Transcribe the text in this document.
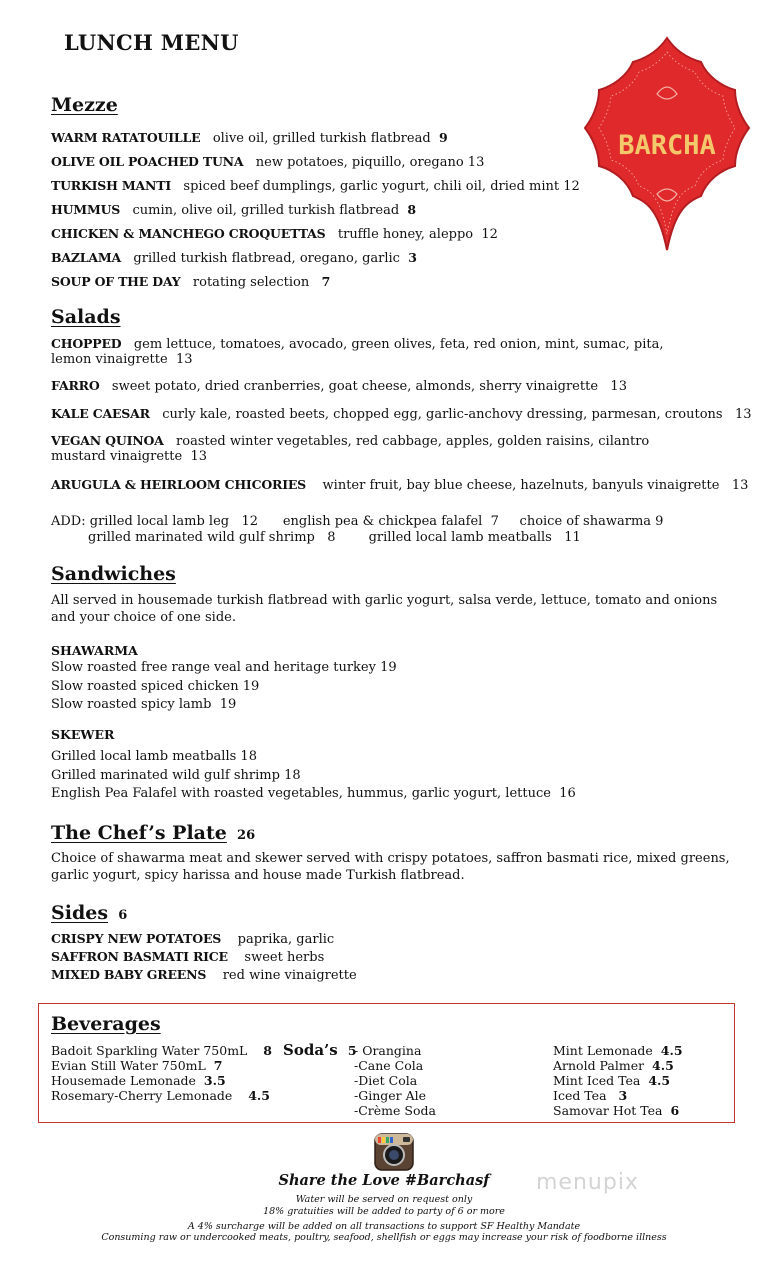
LUNCH MENU
BARCHA
Mezze
WARM RATATOUILLE olive oil, grilled turkish flatbread 9
OLIVE OIL POACHED TUNA new potatoes, piquillo, oregano 13
TURKISH MANTI spiced beef dumplings, garlic yogurt, chili oil, dried mint 12
HUMMUS cumin, olive oil, grilled turkish flatbread 8
CHICKEN & MANCHEGO CROQUETTAS truffle honey, aleppo 12
BAZLAMA grilled turkish flatbread, oregano, garlic 3
SOUP OF THE DAY rotating selection 7
Salads
CHOPPED gem lettuce, tomatoes, avocado, green olives, feta, red onion, mint, sumac, pita,
lemon vinaigrette 13
FARRO sweet potato, dried cranberries, goat cheese, almonds, sherry vinaigrette 13
KALE CAESAR curly kale, roasted beets, chopped egg, garlic-anchovy dressing, parmesan, croutons 13
VEGAN QUINOA roasted winter vegetables, red cabbage, apples, golden raisins, cilantro
mustard vinaigrette 13
ARUGULA & HEIRLOOM CHICORIES winter fruit, bay blue cheese, hazelnuts, banyuls vinaigrette 13
ADD: grilled local lamb leg 12 english pea & chickpea falafel 7 choice of shawarma 9
grilled marinated wild gulf shrimp 8	grilled local lamb meatballs 11
Sandwiches
All served in housemade turkish flatbread with garlic yogurt, salsa verde, lettuce, tomato and onions
and your choice of one side.
SHAWARMA
Slow roasted free range veal and heritage turkey 19
Slow roasted spiced chicken 19
Slow roasted spicy lamb 19
SKEWER
Grilled local lamb meatballs 18
Grilled marinated wild gulf shrimp 18
English Pea Falafel with roasted vegetables, hummus, garlic yogurt, lettuce 16
The Chef’s Plate 26
Choice of shawarma meat and skewer served with crispy potatoes, saffron basmati rice, mixed greens,
garlic yogurt, spicy harissa and house made Turkish flatbread.
Sides 6
CRISPY NEW POTATOES paprika, garlic
SAFFRON BASMATI RICE sweet herbs
MIXED BABY GREENS red wine vinaigrette
Beverages
Badoit Sparkling Water 750mL 8
Evian Still Water 750mL 7
Housemade Lemonade 3.5
Rosemary-Cherry Lemonade 4.5
Soda’s 5
- Orangina
-Cane Cola
-Diet Cola
-Ginger Ale
-Crème Soda
Mint Lemonade 4.5
Arnold Palmer 4.5
Mint Iced Tea 4.5
Iced Tea 3
Samovar Hot Tea 6
Share the Love #Barchasf
Water will be served on request only
18% gratuities will be added to party of 6 or more
A 4% surcharge will be added on all transactions to support SF Healthy Mandate
Consuming raw or undercooked meats, poultry, seafood, shellfish or eggs may increase your risk of foodborne illness
menupix
